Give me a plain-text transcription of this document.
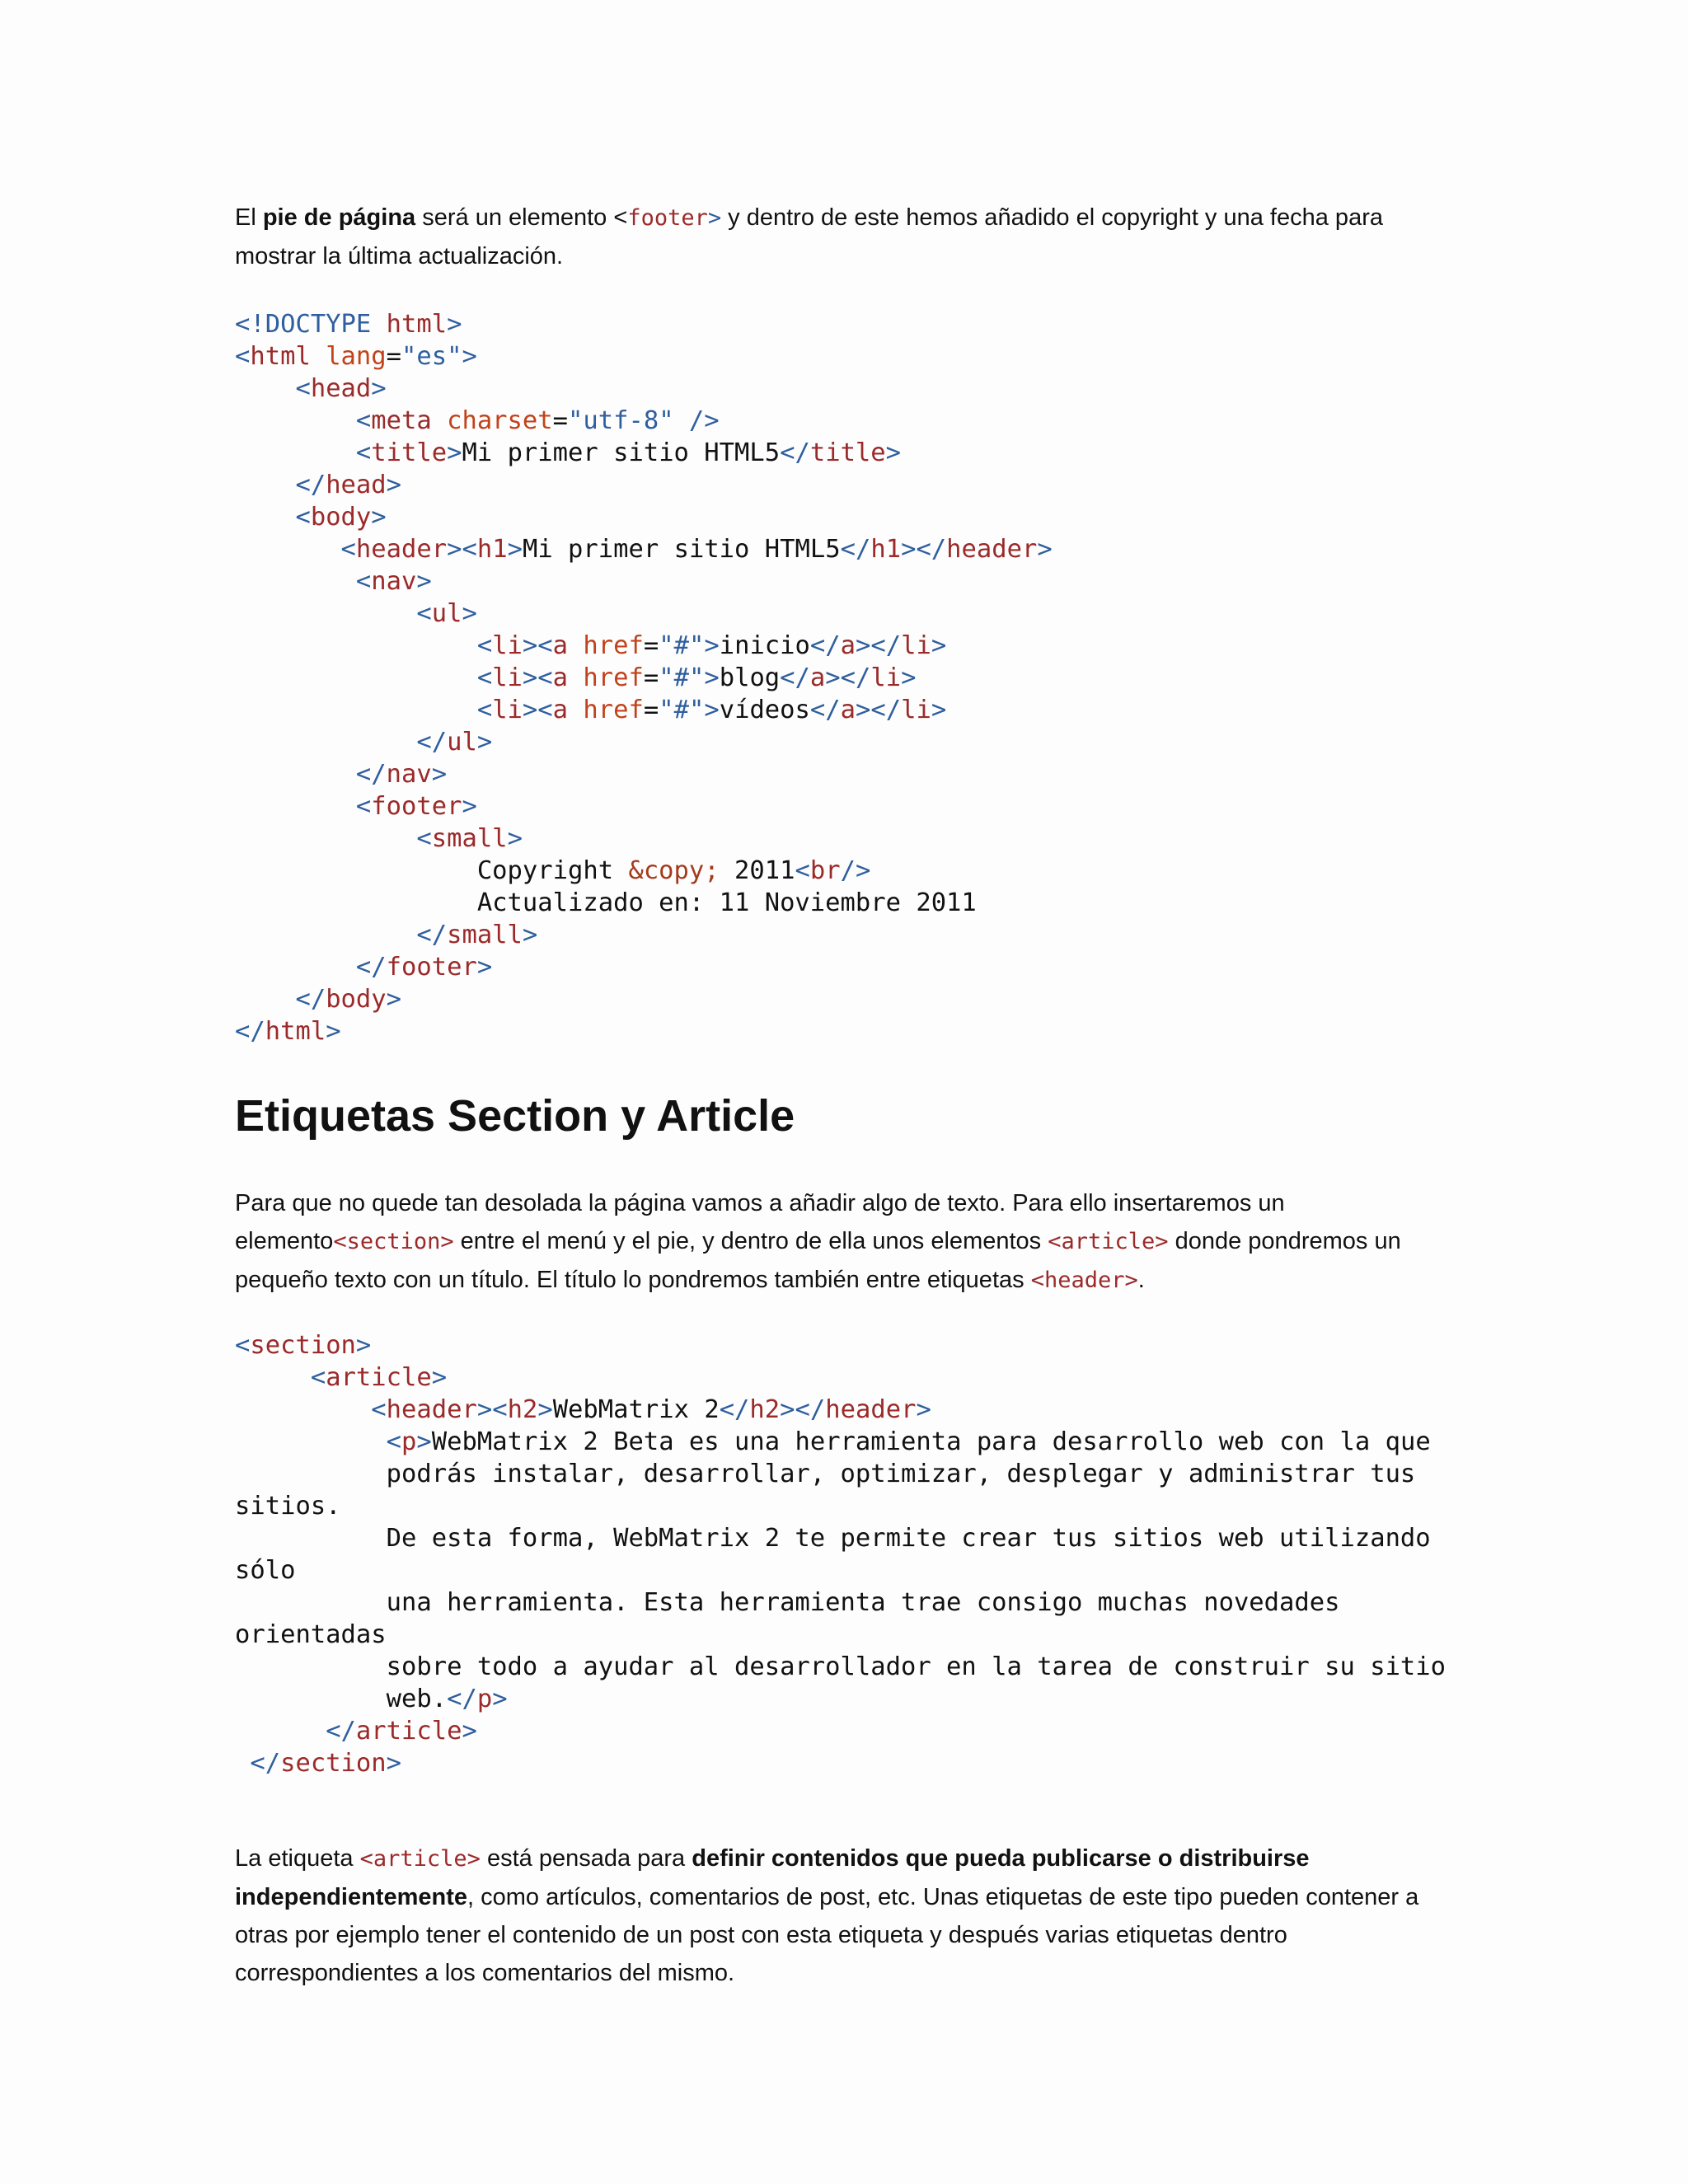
El pie de página será un elemento <footer> y dentro de este hemos añadido el copyright y una fecha para mostrar la última actualización.

<!DOCTYPE html>
<html lang="es">
<head>
<meta charset="utf-8" />
<title>Mi primer sitio HTML5</title>
</head>
<body>
<header><h1>Mi primer sitio HTML5</h1></header>
<nav>
<ul>
<li><a href="#">inicio</a></li>
<li><a href="#">blog</a></li>
<li><a href="#">vídeos</a></li>
</ul>
</nav>
<footer>
<small>
Copyright &copy; 2011<br/>
Actualizado en: 11 Noviembre 2011
</small>
</footer>
</body>
</html>
Etiquetas Section y Article

Para que no quede tan desolada la página vamos a añadir algo de texto. Para ello insertaremos un elemento<section> entre el menú y el pie, y dentro de ella unos elementos <article> donde pondremos un pequeño texto con un título. El título lo pondremos también entre etiquetas <header>.

<section>
<article>
<header><h2>WebMatrix 2</h2></header>
<p>WebMatrix 2 Beta es una herramienta para desarrollo web con la que
podrás instalar, desarrollar, optimizar, desplegar y administrar tus
sitios.
De esta forma, WebMatrix 2 te permite crear tus sitios web utilizando
sólo
una herramienta. Esta herramienta trae consigo muchas novedades
orientadas
sobre todo a ayudar al desarrollador en la tarea de construir su sitio
web.</p>
</article>
</section>

La etiqueta <article> está pensada para definir contenidos que pueda publicarse o distribuirse independientemente, como artículos, comentarios de post, etc. Unas etiquetas de este tipo pueden contener a otras por ejemplo tener el contenido de un post con esta etiqueta y después varias etiquetas dentro correspondientes a los comentarios del mismo.
